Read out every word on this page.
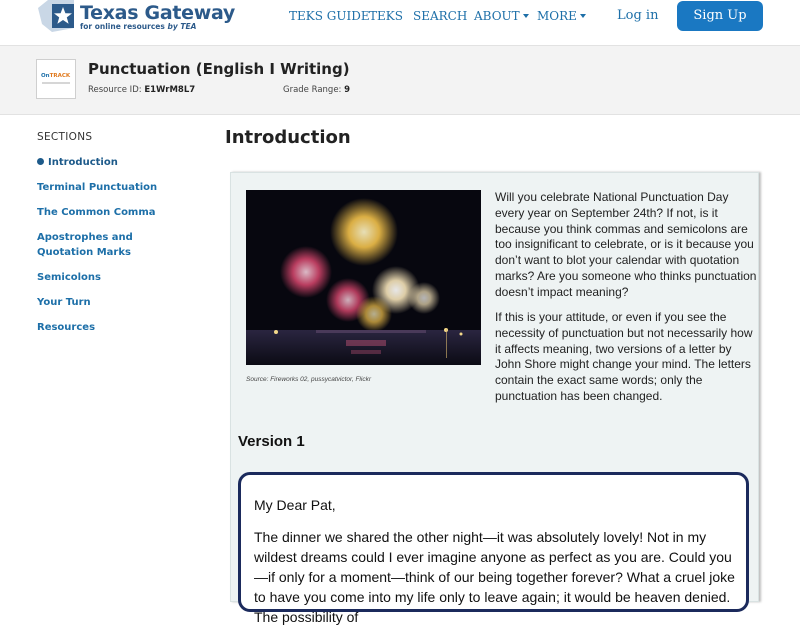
Texas Gateway
for online resources by TEA
TEKS GUIDE TEKS SEARCH ABOUT	MORE	Log in	Sign Up
OnTRACK Punctuation (English I Writing)
Resource ID: E1WrM8L7	Grade Range: 9
SECTIONS
Introduction
Terminal Punctuation
The Common Comma
Apostrophes and Quotation Marks
Semicolons
Your Turn
Resources
Introduction
Source: Fireworks 02, pussycatvictor, Flickr
Will you celebrate National Punctuation Day every year on September 24th? If not, is it because you think commas and semicolons are too insignificant to celebrate, or is it because you don’t want to blot your calendar with quotation marks? Are you someone who thinks punctuation doesn’t impact meaning?
If this is your attitude, or even if you see the necessity of punctuation but not necessarily how it affects meaning, two versions of a letter by John Shore might change your mind. The letters contain the exact same words; only the punctuation has been changed.
Version 1
My Dear Pat,
The dinner we shared the other night—it was absolutely lovely! Not in my wildest dreams could I ever imagine anyone as perfect as you are. Could you—if only for a moment—think of our being together forever? What a cruel joke to have you come into my life only to leave again; it would be heaven denied. The possibility of
